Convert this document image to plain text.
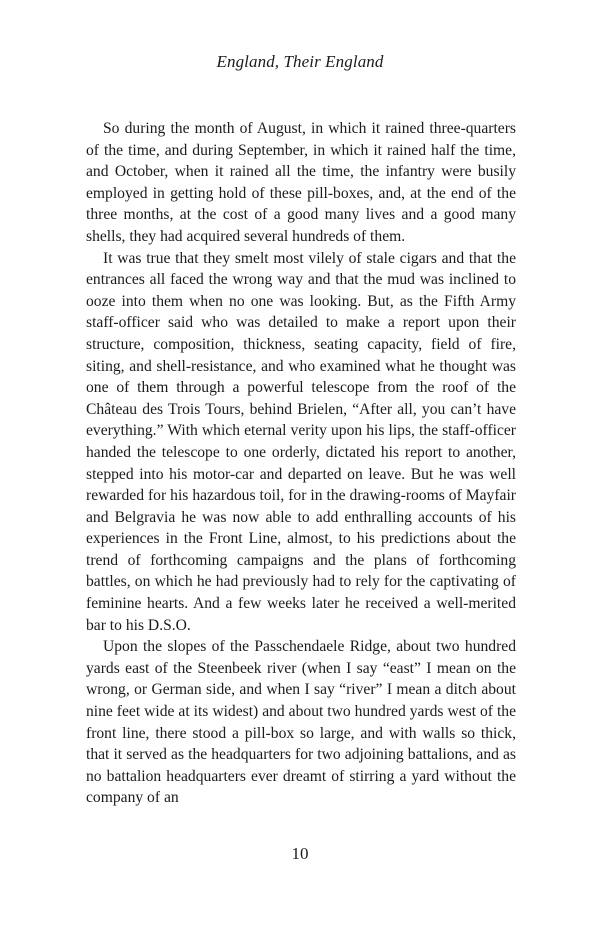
England, Their England

So during the month of August, in which it rained three-quarters of the time, and during September, in which it rained half the time, and October, when it rained all the time, the infantry were busily employed in getting hold of these pill-boxes, and, at the end of the three months, at the cost of a good many lives and a good many shells, they had acquired several hundreds of them.

It was true that they smelt most vilely of stale cigars and that the entrances all faced the wrong way and that the mud was inclined to ooze into them when no one was looking. But, as the Fifth Army staff-officer said who was detailed to make a report upon their structure, composition, thickness, seating capacity, field of fire, siting, and shell-resistance, and who examined what he thought was one of them through a powerful telescope from the roof of the Château des Trois Tours, behind Brielen, “After all, you can’t have everything.” With which eternal verity upon his lips, the staff-officer handed the telescope to one orderly, dictated his report to another, stepped into his motor-car and departed on leave. But he was well rewarded for his hazardous toil, for in the drawing-rooms of Mayfair and Belgravia he was now able to add enthralling accounts of his experiences in the Front Line, almost, to his predictions about the trend of forthcoming campaigns and the plans of forthcoming battles, on which he had previously had to rely for the captivating of feminine hearts. And a few weeks later he received a well-merited bar to his D.S.O.

Upon the slopes of the Passchendaele Ridge, about two hundred yards east of the Steenbeek river (when I say “east” I mean on the wrong, or German side, and when I say “river” I mean a ditch about nine feet wide at its widest) and about two hundred yards west of the front line, there stood a pill-box so large, and with walls so thick, that it served as the headquarters for two adjoining battalions, and as no battalion headquarters ever dreamt of stirring a yard without the company of an

10
